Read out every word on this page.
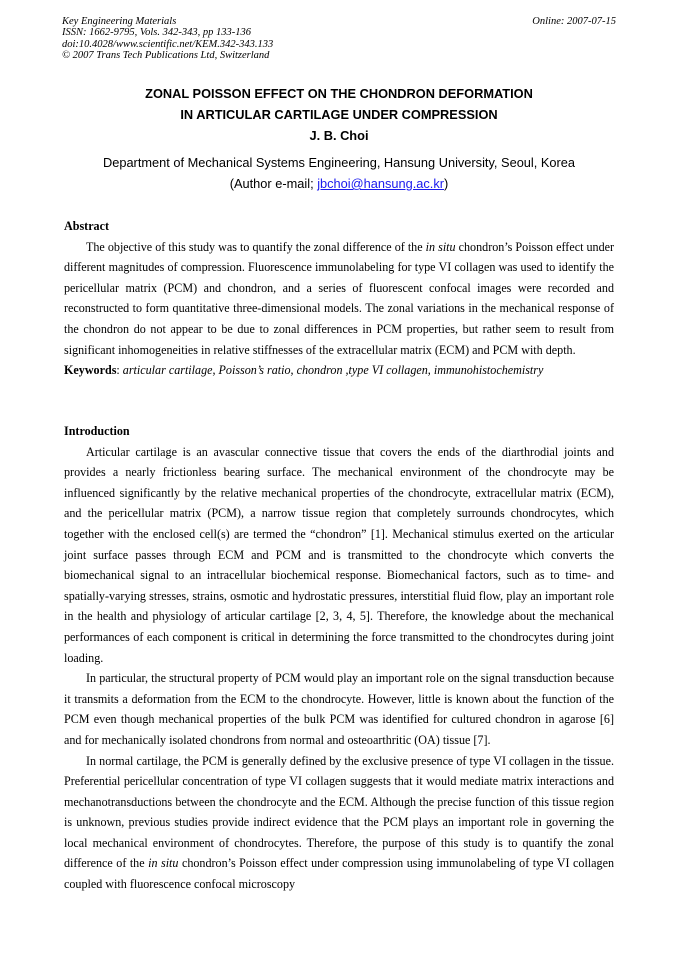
Key Engineering Materials
ISSN: 1662-9795, Vols. 342-343, pp 133-136
doi:10.4028/www.scientific.net/KEM.342-343.133
© 2007 Trans Tech Publications Ltd, Switzerland
Online: 2007-07-15
ZONAL POISSON EFFECT ON THE CHONDRON DEFORMATION
IN ARTICULAR CARTILAGE UNDER COMPRESSION
J. B. Choi
Department of Mechanical Systems Engineering, Hansung University, Seoul, Korea
(Author e-mail; jbchoi@hansung.ac.kr)

Abstract

The objective of this study was to quantify the zonal difference of the in situ chondron’s Poisson effect under different magnitudes of compression. Fluorescence immunolabeling for type VI collagen was used to identify the pericellular matrix (PCM) and chondron, and a series of fluorescent confocal images were recorded and reconstructed to form quantitative three-dimensional models. The zonal variations in the mechanical response of the chondron do not appear to be due to zonal differences in PCM properties, but rather seem to result from significant inhomogeneities in relative stiffnesses of the extracellular matrix (ECM) and PCM with depth.

Keywords: articular cartilage, Poisson’s ratio, chondron ,type VI collagen, immunohistochemistry

Introduction

Articular cartilage is an avascular connective tissue that covers the ends of the diarthrodial joints and provides a nearly frictionless bearing surface. The mechanical environment of the chondrocyte may be influenced significantly by the relative mechanical properties of the chondrocyte, extracellular matrix (ECM), and the pericellular matrix (PCM), a narrow tissue region that completely surrounds chondrocytes, which together with the enclosed cell(s) are termed the “chondron” [1]. Mechanical stimulus exerted on the articular joint surface passes through ECM and PCM and is transmitted to the chondrocyte which converts the biomechanical signal to an intracellular biochemical response. Biomechanical factors, such as to time- and spatially-varying stresses, strains, osmotic and hydrostatic pressures, interstitial fluid flow, play an important role in the health and physiology of articular cartilage [2, 3, 4, 5]. Therefore, the knowledge about the mechanical performances of each component is critical in determining the force transmitted to the chondrocytes during joint loading.

In particular, the structural property of PCM would play an important role on the signal transduction because it transmits a deformation from the ECM to the chondrocyte. However, little is known about the function of the PCM even though mechanical properties of the bulk PCM was identified for cultured chondron in agarose [6] and for mechanically isolated chondrons from normal and osteoarthritic (OA) tissue [7].

In normal cartilage, the PCM is generally defined by the exclusive presence of type VI collagen in the tissue. Preferential pericellular concentration of type VI collagen suggests that it would mediate matrix interactions and mechanotransductions between the chondrocyte and the ECM. Although the precise function of this tissue region is unknown, previous studies provide indirect evidence that the PCM plays an important role in governing the local mechanical environment of chondrocytes. Therefore, the purpose of this study is to quantify the zonal difference of the in situ chondron’s Poisson effect under compression using immunolabeling of type VI collagen coupled with fluorescence confocal microscopy
